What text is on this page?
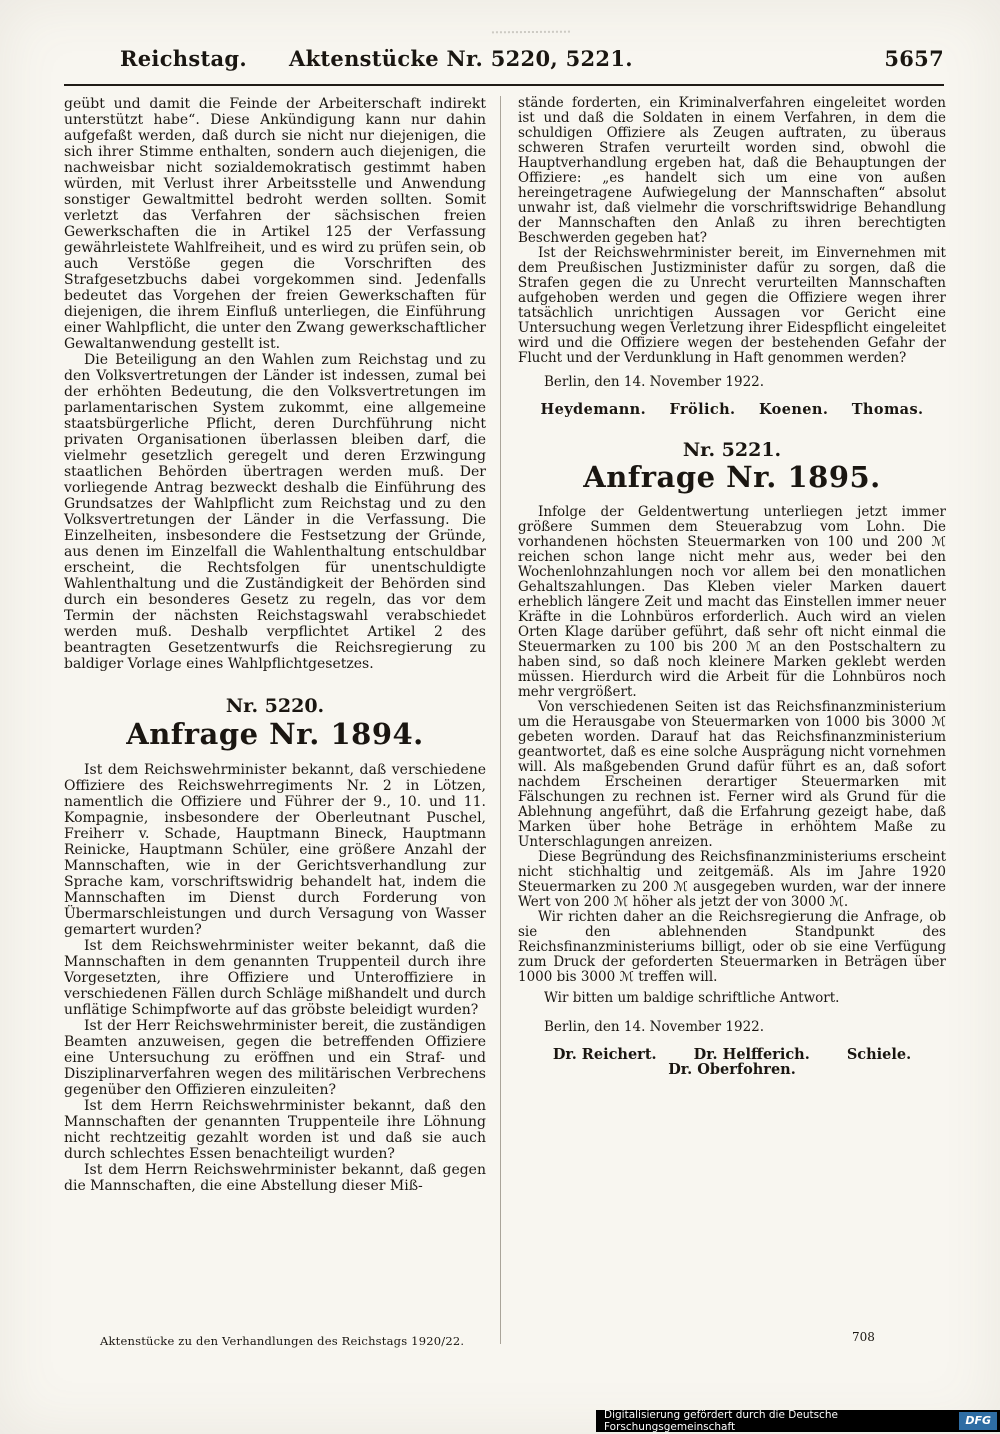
Reichstag. Aktenstücke Nr. 5220, 5221.	5657

geübt und damit die Feinde der Arbeiterschaft indirekt unterstützt habe“. Diese Ankündigung kann nur dahin aufgefaßt werden, daß durch sie nicht nur diejenigen, die sich ihrer Stimme enthalten, sondern auch diejenigen, die nachweisbar nicht sozialdemokratisch gestimmt haben würden, mit Verlust ihrer Arbeitsstelle und Anwendung sonstiger Gewaltmittel bedroht werden sollten. Somit verletzt das Verfahren der sächsischen freien Gewerkschaften die in Artikel 125 der Verfassung gewährleistete Wahlfreiheit, und es wird zu prüfen sein, ob auch Verstöße gegen die Vorschriften des Strafgesetzbuchs dabei vorgekommen sind. Jedenfalls bedeutet das Vorgehen der freien Gewerkschaften für diejenigen, die ihrem Einfluß unterliegen, die Einführung einer Wahlpflicht, die unter den Zwang gewerkschaftlicher Gewaltanwendung gestellt ist.

Die Beteiligung an den Wahlen zum Reichstag und zu den Volksvertretungen der Länder ist indessen, zumal bei der erhöhten Bedeutung, die den Volksvertretungen im parlamentarischen System zukommt, eine allgemeine staatsbürgerliche Pflicht, deren Durchführung nicht privaten Organisationen überlassen bleiben darf, die vielmehr gesetzlich geregelt und deren Erzwingung staatlichen Behörden übertragen werden muß. Der vorliegende Antrag bezweckt deshalb die Einführung des Grundsatzes der Wahlpflicht zum Reichstag und zu den Volksvertretungen der Länder in die Verfassung. Die Einzelheiten, insbesondere die Festsetzung der Gründe, aus denen im Einzelfall die Wahlenthaltung entschuldbar erscheint, die Rechtsfolgen für unentschuldigte Wahlenthaltung und die Zuständigkeit der Behörden sind durch ein besonderes Gesetz zu regeln, das vor dem Termin der nächsten Reichstagswahl verabschiedet werden muß. Deshalb verpflichtet Artikel 2 des beantragten Gesetzentwurfs die Reichsregierung zu baldiger Vorlage eines Wahlpflichtgesetzes.

Nr. 5220.
Anfrage Nr. 1894.

Ist dem Reichswehrminister bekannt, daß verschiedene Offiziere des Reichswehrregiments Nr. 2 in Lötzen, namentlich die Offiziere und Führer der 9., 10. und 11. Kompagnie, insbesondere der Oberleutnant Puschel, Freiherr v. Schade, Hauptmann Bineck, Hauptmann Reinicke, Hauptmann Schüler, eine größere Anzahl der Mannschaften, wie in der Gerichtsverhandlung zur Sprache kam, vorschriftswidrig behandelt hat, indem die Mannschaften im Dienst durch Forderung von Übermarschleistungen und durch Versagung von Wasser gemartert wurden?

Ist dem Reichswehrminister weiter bekannt, daß die Mannschaften in dem genannten Truppenteil durch ihre Vorgesetzten, ihre Offiziere und Unteroffiziere in verschiedenen Fällen durch Schläge mißhandelt und durch unflätige Schimpfworte auf das gröbste beleidigt wurden?

Ist der Herr Reichswehrminister bereit, die zuständigen Beamten anzuweisen, gegen die betreffenden Offiziere eine Untersuchung zu eröffnen und ein Straf- und Disziplinarverfahren wegen des militärischen Verbrechens gegenüber den Offizieren einzuleiten?

Ist dem Herrn Reichswehrminister bekannt, daß den Mannschaften der genannten Truppenteile ihre Löhnung nicht rechtzeitig gezahlt worden ist und daß sie auch durch schlechtes Essen benachteiligt wurden?

Ist dem Herrn Reichswehrminister bekannt, daß gegen die Mannschaften, die eine Abstellung dieser Miß-

stände forderten, ein Kriminalverfahren eingeleitet worden ist und daß die Soldaten in einem Verfahren, in dem die schuldigen Offiziere als Zeugen auftraten, zu überaus schweren Strafen verurteilt worden sind, obwohl die Hauptverhandlung ergeben hat, daß die Behauptungen der Offiziere: „es handelt sich um eine von außen hereingetragene Aufwiegelung der Mannschaften“ absolut unwahr ist, daß vielmehr die vorschriftswidrige Behandlung der Mannschaften den Anlaß zu ihren berechtigten Beschwerden gegeben hat?

Ist der Reichswehrminister bereit, im Einvernehmen mit dem Preußischen Justizminister dafür zu sorgen, daß die Strafen gegen die zu Unrecht verurteilten Mannschaften aufgehoben werden und gegen die Offiziere wegen ihrer tatsächlich unrichtigen Aussagen vor Gericht eine Untersuchung wegen Verletzung ihrer Eidespflicht eingeleitet wird und die Offiziere wegen der bestehenden Gefahr der Flucht und der Verdunklung in Haft genommen werden?

Berlin, den 14. November 1922.

Heydemann. Frölich. Koenen. Thomas.
Nr. 5221.
Anfrage Nr. 1895.

Infolge der Geldentwertung unterliegen jetzt immer größere Summen dem Steuerabzug vom Lohn. Die vorhandenen höchsten Steuermarken von 100 und 200 ℳ reichen schon lange nicht mehr aus, weder bei den Wochenlohnzahlungen noch vor allem bei den monatlichen Gehaltszahlungen. Das Kleben vieler Marken dauert erheblich längere Zeit und macht das Einstellen immer neuer Kräfte in die Lohnbüros erforderlich. Auch wird an vielen Orten Klage darüber geführt, daß sehr oft nicht einmal die Steuermarken zu 100 bis 200 ℳ an den Postschaltern zu haben sind, so daß noch kleinere Marken geklebt werden müssen. Hierdurch wird die Arbeit für die Lohnbüros noch mehr vergrößert.

Von verschiedenen Seiten ist das Reichsfinanzministerium um die Herausgabe von Steuermarken von 1000 bis 3000 ℳ gebeten worden. Darauf hat das Reichsfinanzministerium geantwortet, daß es eine solche Ausprägung nicht vornehmen will. Als maßgebenden Grund dafür führt es an, daß sofort nachdem Erscheinen derartiger Steuermarken mit Fälschungen zu rechnen ist. Ferner wird als Grund für die Ablehnung angeführt, daß die Erfahrung gezeigt habe, daß Marken über hohe Beträge in erhöhtem Maße zu Unterschlagungen anreizen.

Diese Begründung des Reichsfinanzministeriums erscheint nicht stichhaltig und zeitgemäß. Als im Jahre 1920 Steuermarken zu 200 ℳ ausgegeben wurden, war der innere Wert von 200 ℳ höher als jetzt der von 3000 ℳ.

Wir richten daher an die Reichsregierung die Anfrage, ob sie den ablehnenden Standpunkt des Reichsfinanzministeriums billigt, oder ob sie eine Verfügung zum Druck der geforderten Steuermarken in Beträgen über 1000 bis 3000 ℳ treffen will.

Wir bitten um baldige schriftliche Antwort.

Berlin, den 14. November 1922.

Dr. Reichert.	Dr. Helfferich.	Schiele.
Dr. Oberfohren.
Aktenstücke zu den Verhandlungen des Reichstags 1920/22.	708
Digitalisierung gefördert durch die Deutsche Forschungsgemeinschaft	DFG
